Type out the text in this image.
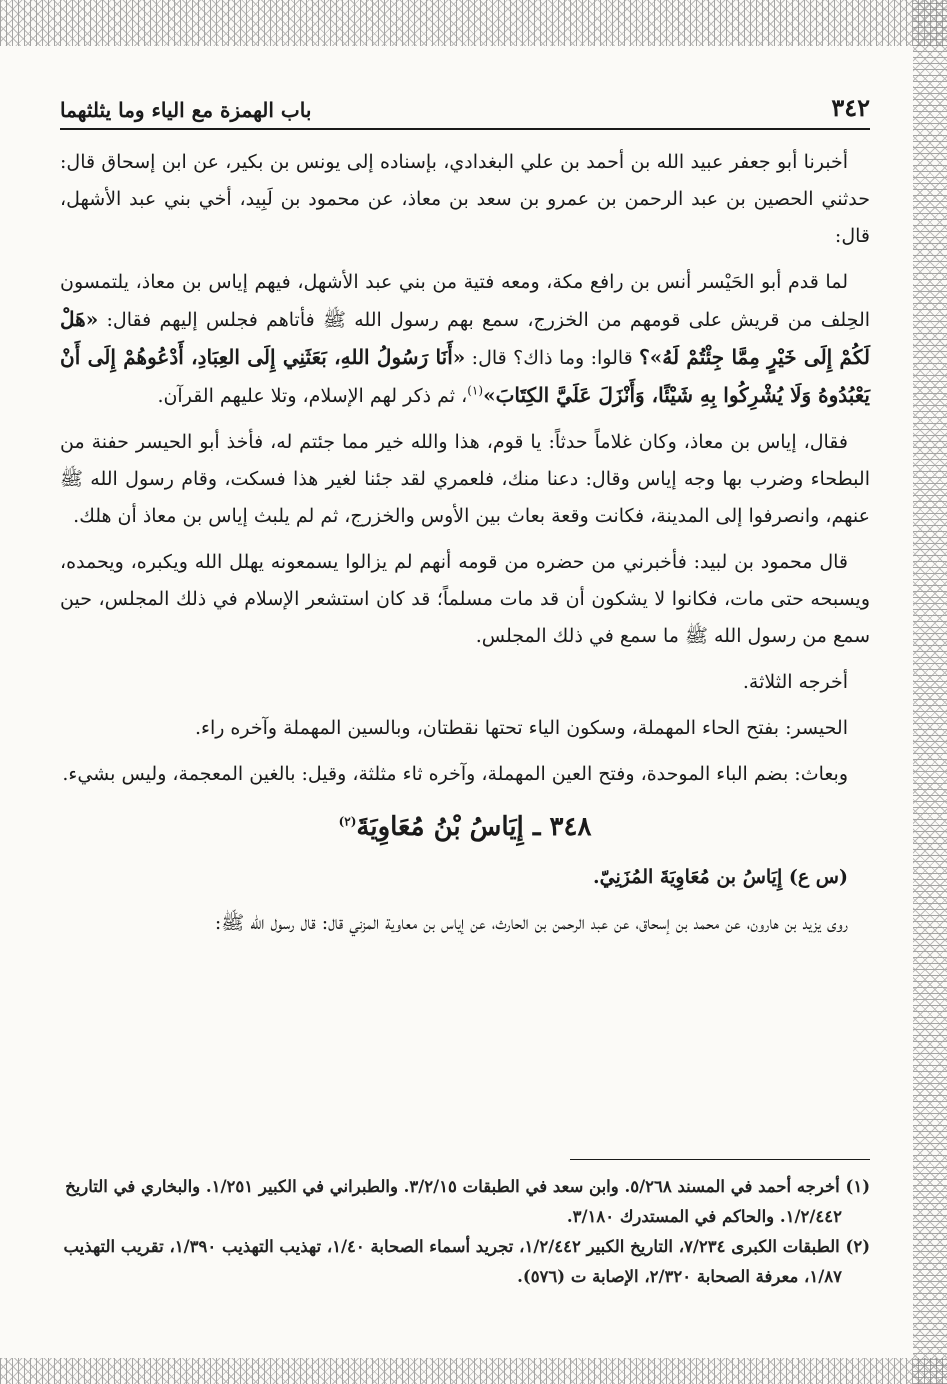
٣٤٢
باب الهمزة مع الياء وما يثلثهما

أخبرنا أبو جعفر عبيد الله بن أحمد بن علي البغدادي، بإسناده إلى يونس بن بكير، عن ابن إسحاق قال: حدثني الحصين بن عبد الرحمن بن عمرو بن سعد بن معاذ، عن محمود بن لَبِيد، أخي بني عبد الأشهل، قال:

لما قدم أبو الحَيْسر أنس بن رافع مكة، ومعه فتية من بني عبد الأشهل، فيهم إياس بن معاذ، يلتمسون الحِلف من قريش على قومهم من الخزرج، سمع بهم رسول الله ﷺ فأتاهم فجلس إليهم فقال: «هَلْ لَكُمْ إِلَى خَيْرٍ مِمَّا جِئْتُمْ لَهُ»؟ قالوا: وما ذاك؟ قال: «أَنَا رَسُولُ اللهِ، بَعَثَنِي إِلَى العِبَادِ، أَدْعُوهُمْ إِلَى أَنْ يَعْبُدُوهُ وَلَا يُشْرِكُوا بِهِ شَيْئًا، وَأَنْزَلَ عَلَيَّ الكِتَابَ»$^{(١)}$، ثم ذكر لهم الإسلام، وتلا عليهم القرآن.

فقال، إياس بن معاذ، وكان غلاماً حدثاً: يا قوم، هذا والله خير مما جئتم له، فأخذ أبو الحيسر حفنة من البطحاء وضرب بها وجه إياس وقال: دعنا منك، فلعمري لقد جئنا لغير هذا فسكت، وقام رسول الله ﷺ عنهم، وانصرفوا إلى المدينة، فكانت وقعة بعاث بين الأوس والخزرج، ثم لم يلبث إياس بن معاذ أن هلك.

قال محمود بن لبيد: فأخبرني من حضره من قومه أنهم لم يزالوا يسمعونه يهلل الله ويكبره، ويحمده، ويسبحه حتى مات، فكانوا لا يشكون أن قد مات مسلماً؛ قد كان استشعر الإسلام في ذلك المجلس، حين سمع من رسول الله ﷺ ما سمع في ذلك المجلس.

أخرجه الثلاثة.

الحيسر: بفتح الحاء المهملة، وسكون الياء تحتها نقطتان، وبالسين المهملة وآخره راء.

وبعاث: بضم الباء الموحدة، وفتح العين المهملة، وآخره ثاء مثلثة، وقيل: بالغين المعجمة، وليس بشيء.

٣٤٨ ـ إِيَاسُ بْنُ مُعَاوِيَةَ$^{(٢)}$

(س ع) إِيَاسُ بن مُعَاوِيَةَ المُزَنِيّ.

روى يزيد بن هارون، عن محمد بن إسحاق، عن عبد الرحمن بن الحارث، عن إياس بن معاوية المزني قال: قال رسول الله ﷺ:

(١) أخرجه أحمد في المسند ٥/٢٦٨. وابن سعد في الطبقات ٣/٢/١٥. والطبراني في الكبير ١/٢٥١. والبخاري في التاريخ ١/٢/٤٤٢. والحاكم في المستدرك ٣/١٨٠.

(٢) الطبقات الكبرى ٧/٢٣٤، التاريخ الكبير ١/٢/٤٤٢، تجريد أسماء الصحابة ١/٤٠، تهذيب التهذيب ١/٣٩٠، تقريب التهذيب ١/٨٧، معرفة الصحابة ٢/٣٢٠، الإصابة ت (٥٧٦).
